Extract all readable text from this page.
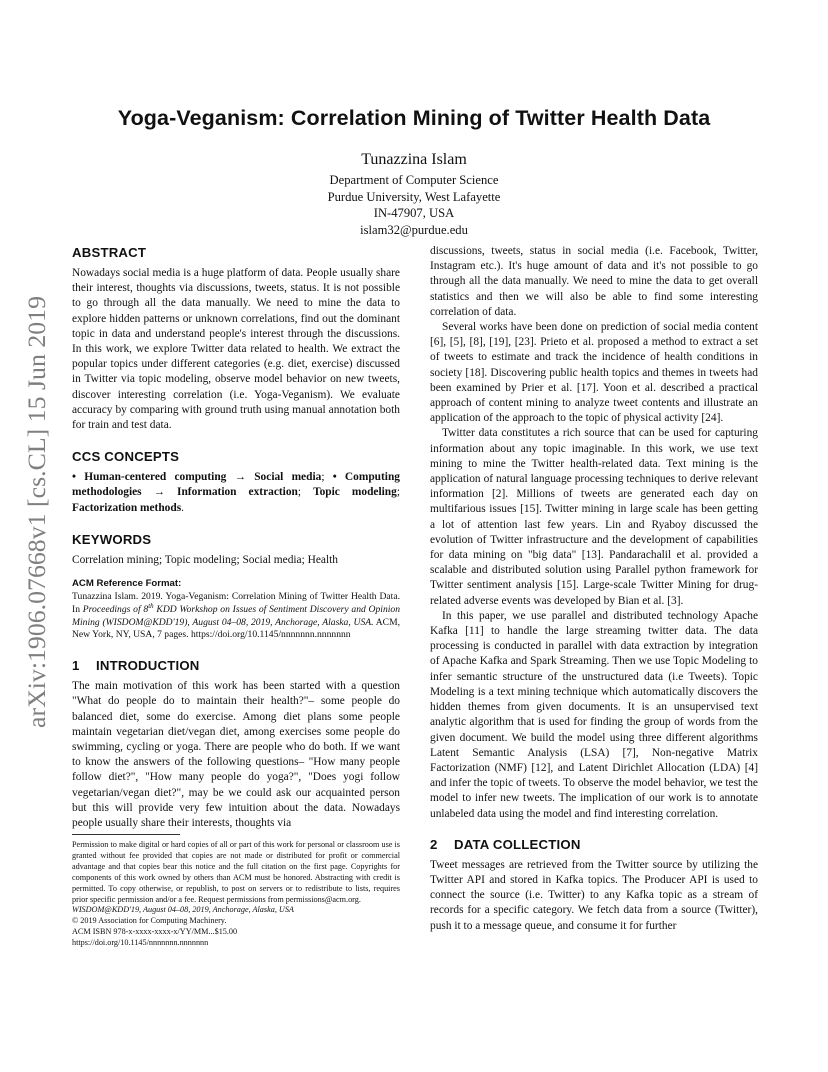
arXiv:1906.07668v1 [cs.CL] 15 Jun 2019
Yoga-Veganism: Correlation Mining of Twitter Health Data

Tunazzina Islam

Department of Computer Science

Purdue University, West Lafayette

IN-47907, USA

islam32@purdue.edu

ABSTRACT

Nowadays social media is a huge platform of data. People usually share their interest, thoughts via discussions, tweets, status. It is not possible to go through all the data manually. We need to mine the data to explore hidden patterns or unknown correlations, find out the dominant topic in data and understand people's interest through the discussions. In this work, we explore Twitter data related to health. We extract the popular topics under different categories (e.g. diet, exercise) discussed in Twitter via topic modeling, observe model behavior on new tweets, discover interesting correlation (i.e. Yoga-Veganism). We evaluate accuracy by comparing with ground truth using manual annotation both for train and test data.

CCS CONCEPTS

• Human-centered computing → Social media; • Computing methodologies → Information extraction; Topic modeling; Factorization methods.

KEYWORDS

Correlation mining; Topic modeling; Social media; Health

ACM Reference Format:

Tunazzina Islam. 2019. Yoga-Veganism: Correlation Mining of Twitter Health Data. In Proceedings of 8th KDD Workshop on Issues of Sentiment Discovery and Opinion Mining (WISDOM@KDD'19), August 04–08, 2019, Anchorage, Alaska, USA. ACM, New York, NY, USA, 7 pages. https://doi.org/10.1145/nnnnnnn.nnnnnnn

1 INTRODUCTION

The main motivation of this work has been started with a question "What do people do to maintain their health?"– some people do balanced diet, some do exercise. Among diet plans some people maintain vegetarian diet/vegan diet, among exercises some people do swimming, cycling or yoga. There are people who do both. If we want to know the answers of the following questions– "How many people follow diet?", "How many people do yoga?", "Does yogi follow vegetarian/vegan diet?", may be we could ask our acquainted person but this will provide very few intuition about the data. Nowadays people usually share their interests, thoughts via

Permission to make digital or hard copies of all or part of this work for personal or classroom use is granted without fee provided that copies are not made or distributed for profit or commercial advantage and that copies bear this notice and the full citation on the first page. Copyrights for components of this work owned by others than ACM must be honored. Abstracting with credit is permitted. To copy otherwise, or republish, to post on servers or to redistribute to lists, requires prior specific permission and/or a fee. Request permissions from permissions@acm.org.

WISDOM@KDD'19, August 04–08, 2019, Anchorage, Alaska, USA

© 2019 Association for Computing Machinery.

ACM ISBN 978-x-xxxx-xxxx-x/YY/MM...$15.00

https://doi.org/10.1145/nnnnnnn.nnnnnnn

discussions, tweets, status in social media (i.e. Facebook, Twitter, Instagram etc.). It's huge amount of data and it's not possible to go through all the data manually. We need to mine the data to get overall statistics and then we will also be able to find some interesting correlation of data.

Several works have been done on prediction of social media content [6], [5], [8], [19], [23]. Prieto et al. proposed a method to extract a set of tweets to estimate and track the incidence of health conditions in society [18]. Discovering public health topics and themes in tweets had been examined by Prier et al. [17]. Yoon et al. described a practical approach of content mining to analyze tweet contents and illustrate an application of the approach to the topic of physical activity [24].

Twitter data constitutes a rich source that can be used for capturing information about any topic imaginable. In this work, we use text mining to mine the Twitter health-related data. Text mining is the application of natural language processing techniques to derive relevant information [2]. Millions of tweets are generated each day on multifarious issues [15]. Twitter mining in large scale has been getting a lot of attention last few years. Lin and Ryaboy discussed the evolution of Twitter infrastructure and the development of capabilities for data mining on "big data" [13]. Pandarachalil et al. provided a scalable and distributed solution using Parallel python framework for Twitter sentiment analysis [15]. Large-scale Twitter Mining for drug-related adverse events was developed by Bian et al. [3].

In this paper, we use parallel and distributed technology Apache Kafka [11] to handle the large streaming twitter data. The data processing is conducted in parallel with data extraction by integration of Apache Kafka and Spark Streaming. Then we use Topic Modeling to infer semantic structure of the unstructured data (i.e Tweets). Topic Modeling is a text mining technique which automatically discovers the hidden themes from given documents. It is an unsupervised text analytic algorithm that is used for finding the group of words from the given document. We build the model using three different algorithms Latent Semantic Analysis (LSA) [7], Non-negative Matrix Factorization (NMF) [12], and Latent Dirichlet Allocation (LDA) [4] and infer the topic of tweets. To observe the model behavior, we test the model to infer new tweets. The implication of our work is to annotate unlabeled data using the model and find interesting correlation.

2 DATA COLLECTION

Tweet messages are retrieved from the Twitter source by utilizing the Twitter API and stored in Kafka topics. The Producer API is used to connect the source (i.e. Twitter) to any Kafka topic as a stream of records for a specific category. We fetch data from a source (Twitter), push it to a message queue, and consume it for further
